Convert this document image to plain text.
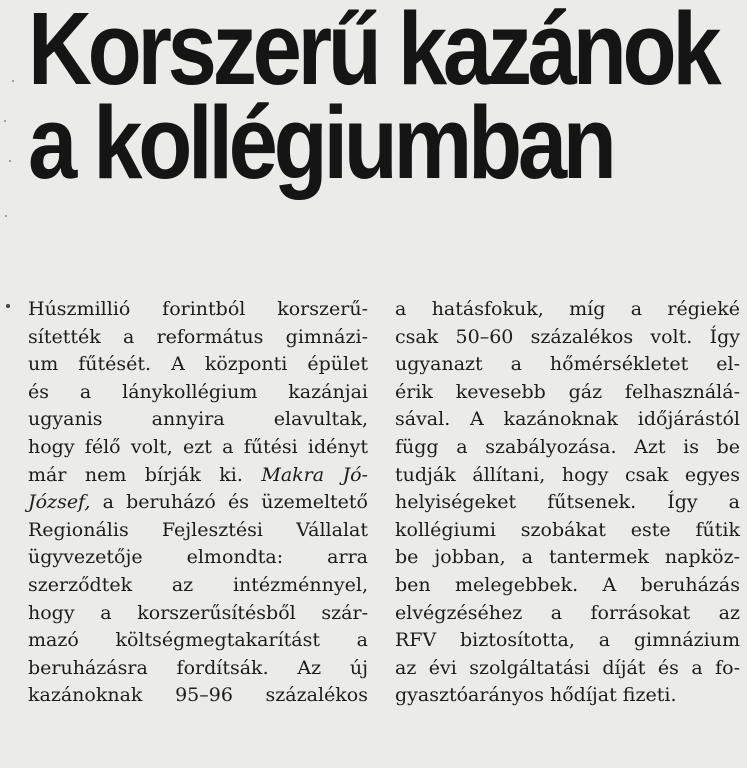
Korszerű kazánok
a kollégiumban

Húszmillió forintból korszerű-
sítették a református gimnázi-
um fűtését. A központi épület
és a lánykollégium kazánjai
ugyanis annyira elavultak,
hogy félő volt, ezt a fűtési idényt
már nem bírják ki. Makra Jó-
József, a beruházó és üzemeltető
Regionális Fejlesztési Vállalat
ügyvezetője elmondta: arra
szerződtek az intézménnyel,
hogy a korszerűsítésből szár-
mazó költségmegtakarítást a
beruházásra fordítsák. Az új
kazánoknak 95–96 százalékos

a hatásfokuk, míg a régieké
csak 50–60 százalékos volt. Így
ugyanazt a hőmérsékletet el-
érik kevesebb gáz felhasználá-
sával. A kazánoknak időjárástól
függ a szabályozása. Azt is be
tudják állítani, hogy csak egyes
helyiségeket fűtsenek. Így a
kollégiumi szobákat este fűtik
be jobban, a tantermek napköz-
ben melegebbek. A beruházás
elvégzéséhez a forrásokat az
RFV biztosította, a gimnázium
az évi szolgáltatási díját és a fo-
gyasztóarányos hődíjat fizeti.
